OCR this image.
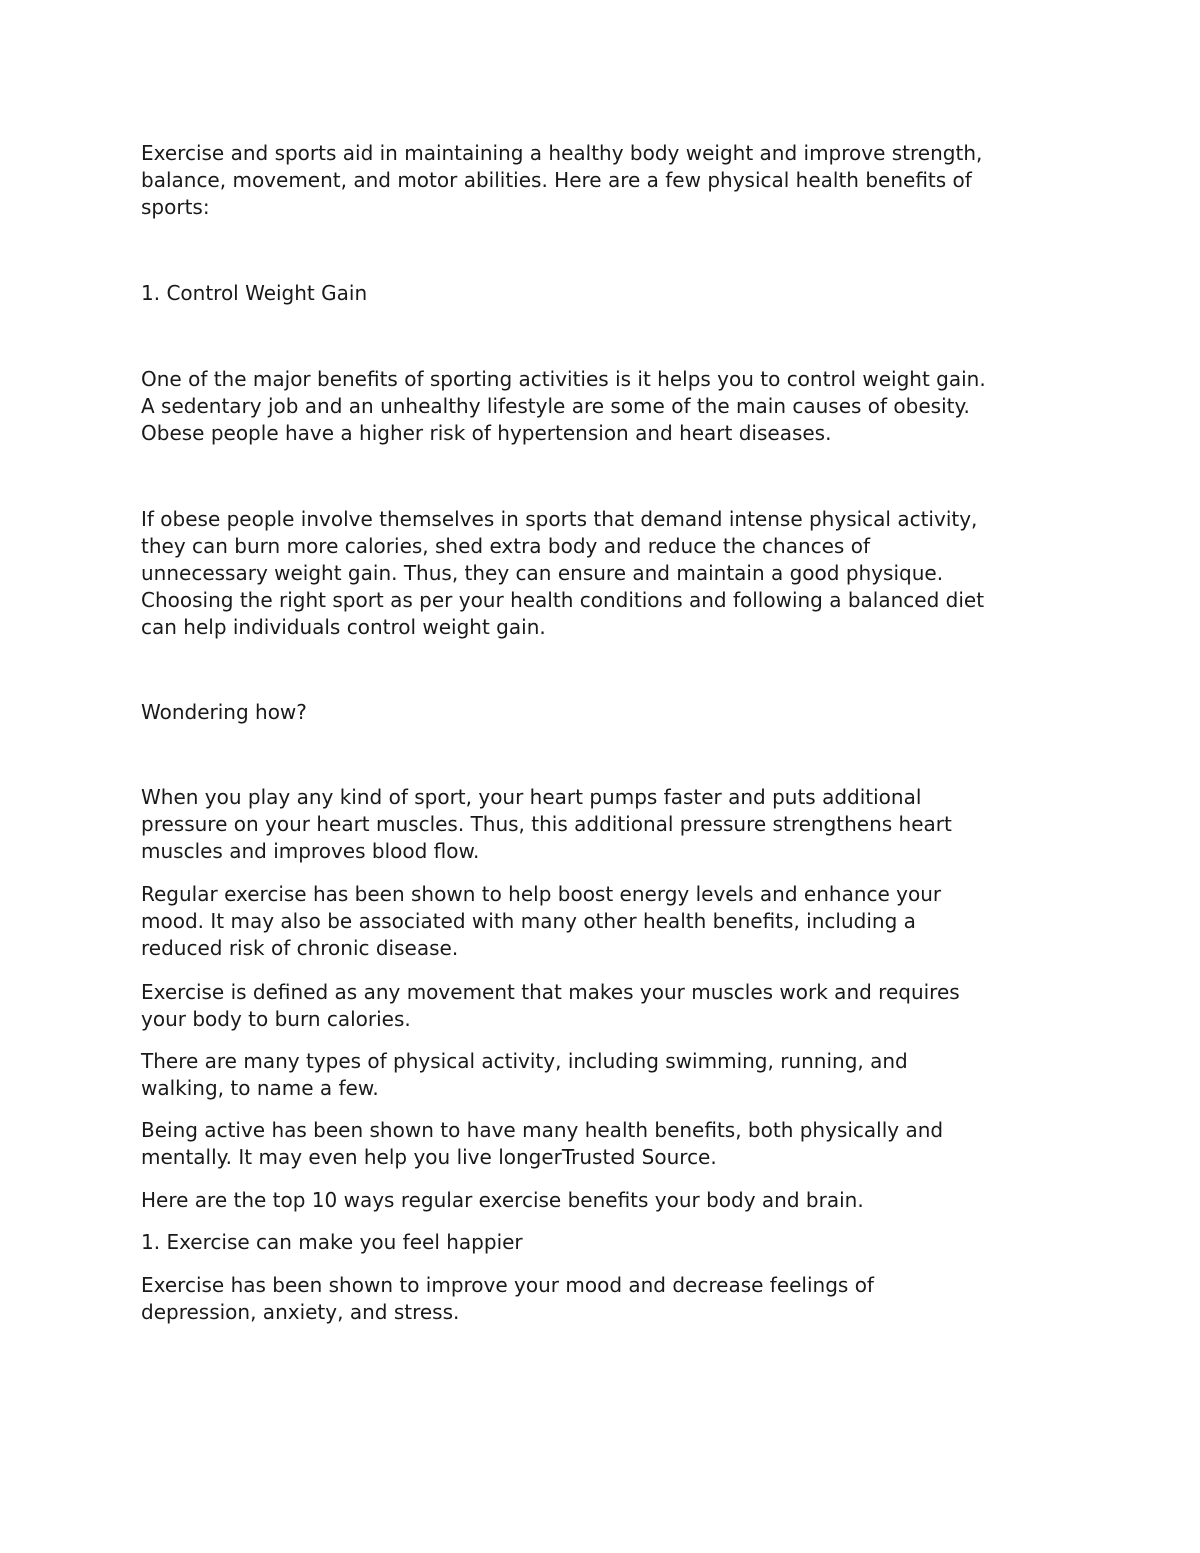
Exercise and sports aid in maintaining a healthy body weight and improve strength,
balance, movement, and motor abilities. Here are a few physical health benefits of
sports:

1. Control Weight Gain

One of the major benefits of sporting activities is it helps you to control weight gain.
A sedentary job and an unhealthy lifestyle are some of the main causes of obesity.
Obese people have a higher risk of hypertension and heart diseases.

If obese people involve themselves in sports that demand intense physical activity,
they can burn more calories, shed extra body and reduce the chances of
unnecessary weight gain. Thus, they can ensure and maintain a good physique.
Choosing the right sport as per your health conditions and following a balanced diet
can help individuals control weight gain.

Wondering how?

When you play any kind of sport, your heart pumps faster and puts additional
pressure on your heart muscles. Thus, this additional pressure strengthens heart
muscles and improves blood flow.

Regular exercise has been shown to help boost energy levels and enhance your
mood. It may also be associated with many other health benefits, including a
reduced risk of chronic disease.

Exercise is defined as any movement that makes your muscles work and requires
your body to burn calories.

There are many types of physical activity, including swimming, running, and
walking, to name a few.

Being active has been shown to have many health benefits, both physically and
mentally. It may even help you live longerTrusted Source.

Here are the top 10 ways regular exercise benefits your body and brain.

1. Exercise can make you feel happier

Exercise has been shown to improve your mood and decrease feelings of
depression, anxiety, and stress.
